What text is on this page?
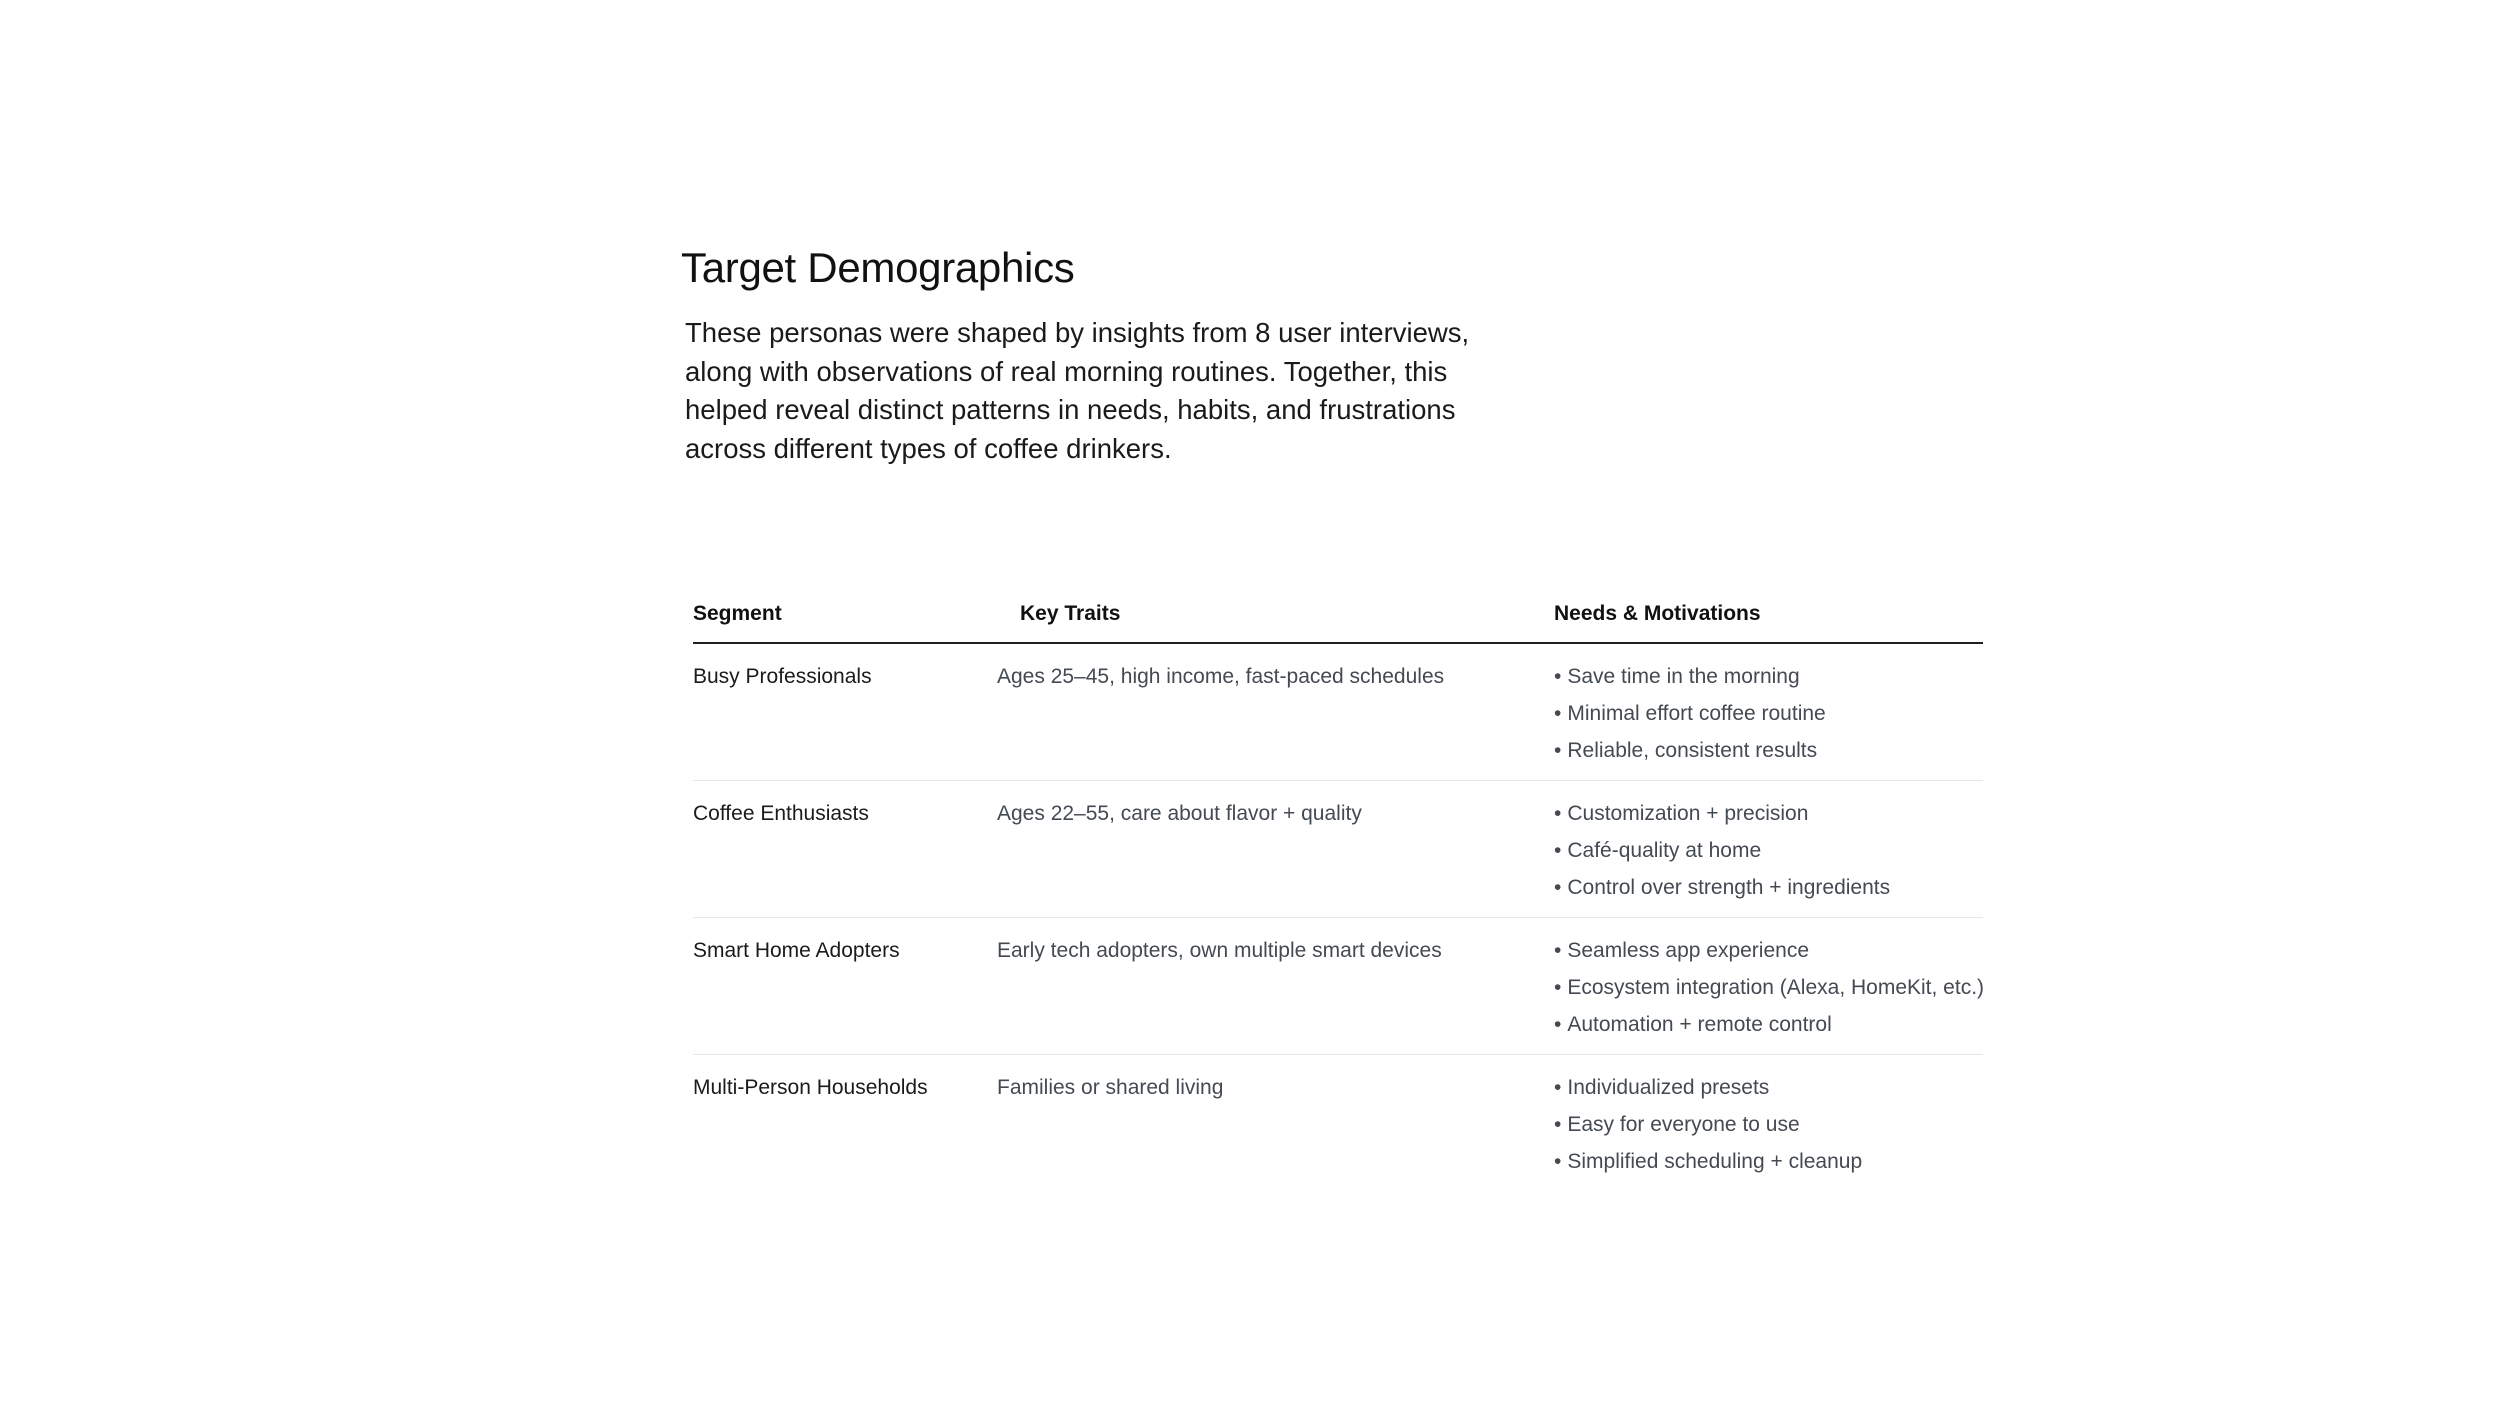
Target Demographics

These personas were shaped by insights from 8 user interviews, along with observations of real morning routines. Together, this helped reveal distinct patterns in needs, habits, and frustrations across different types of coffee drinkers.

Segment	Key Traits	Needs & Motivations
Busy Professionals	Ages 25–45, high income, fast-paced schedules	• Save time in the morning
• Minimal effort coffee routine
• Reliable, consistent results
Coffee Enthusiasts	Ages 22–55, care about flavor + quality	• Customization + precision
• Café-quality at home
• Control over strength + ingredients
Smart Home Adopters	Early tech adopters, own multiple smart devices	• Seamless app experience
• Ecosystem integration (Alexa, HomeKit, etc.)
• Automation + remote control
Multi-Person Households	Families or shared living	• Individualized presets
• Easy for everyone to use
• Simplified scheduling + cleanup
